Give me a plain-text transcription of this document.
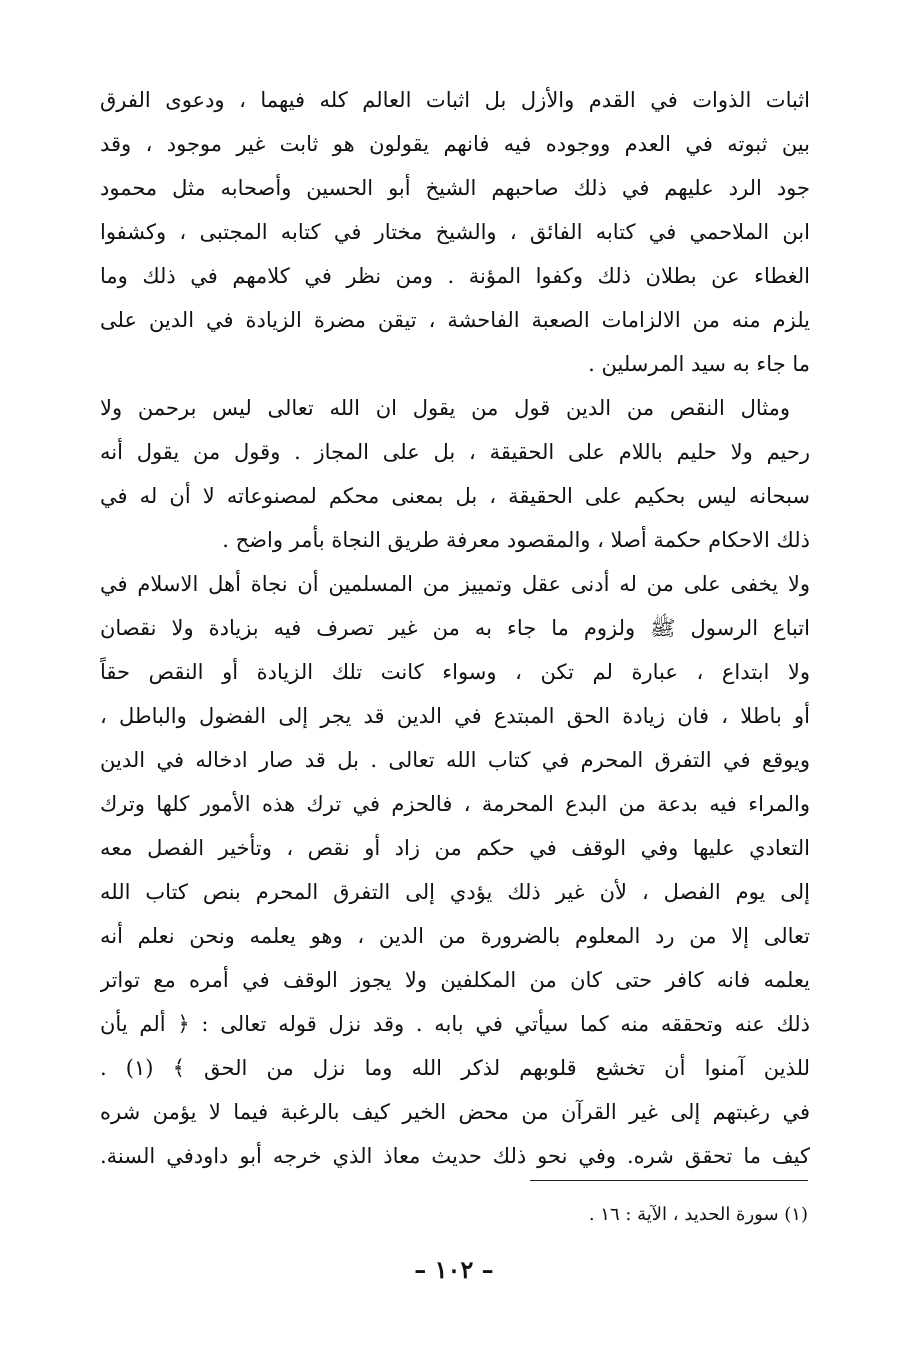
اثبات الذوات في القدم والأزل بل اثبات العالم كله فيهما ، ودعوى الفرق
بين ثبوته في العدم ووجوده فيه فانهم يقولون هو ثابت غير موجود ، وقد
جود الرد عليهم في ذلك صاحبهم الشيخ أبو الحسين وأصحابه مثل محمود
ابن الملاحمي في كتابه الفائق ، والشيخ مختار في كتابه المجتبى ، وكشفوا
الغطاء عن بطلان ذلك وكفوا المؤنة . ومن نظر في كلامهم في ذلك وما
يلزم منه من الالزامات الصعبة الفاحشة ، تيقن مضرة الزيادة في الدين على
ما جاء به سيد المرسلين .
ومثال النقص من الدين قول من يقول ان الله تعالى ليس برحمن ولا
رحيم ولا حليم باللام على الحقيقة ، بل على المجاز . وقول من يقول أنه
سبحانه ليس بحكيم على الحقيقة ، بل بمعنى محكم لمصنوعاته لا أن له في
ذلك الاحكام حكمة أصلا ، والمقصود معرفة طريق النجاة بأمر واضح .
ولا يخفى على من له أدنى عقل وتمييز من المسلمين أن نجاة أهل الاسلام في
اتباع الرسول ﷺ ولزوم ما جاء به من غير تصرف فيه بزيادة ولا نقصان
ولا ابتداع ، عبارة لم تكن ، وسواء كانت تلك الزيادة أو النقص حقاً
أو باطلا ، فان زيادة الحق المبتدع في الدين قد يجر إلى الفضول والباطل ،
ويوقع في التفرق المحرم في كتاب الله تعالى . بل قد صار ادخاله في الدين
والمراء فيه بدعة من البدع المحرمة ، فالحزم في ترك هذه الأمور كلها وترك
التعادي عليها وفي الوقف في حكم من زاد أو نقص ، وتأخير الفصل معه
إلى يوم الفصل ، لأن غير ذلك يؤدي إلى التفرق المحرم بنص كتاب الله
تعالى إلا من رد المعلوم بالضرورة من الدين ، وهو يعلمه ونحن نعلم أنه
يعلمه فانه كافر حتى كان من المكلفين ولا يجوز الوقف في أمره مع تواتر
ذلك عنه وتحققه منه كما سيأتي في بابه . وقد نزل قوله تعالى : ﴿ ألم يأن
للذين آمنوا أن تخشع قلوبهم لذكر الله وما نزل من الحق ﴾ (١) .
في رغبتهم إلى غير القرآن من محض الخير كيف بالرغبة فيما لا يؤمن شره
كيف ما تحقق شره. وفي نحو ذلك حديث معاذ الذي خرجه أبو داودفي السنة.
(١) سورة الحديد ، الآية : ١٦ .
– ١٠٢ –
